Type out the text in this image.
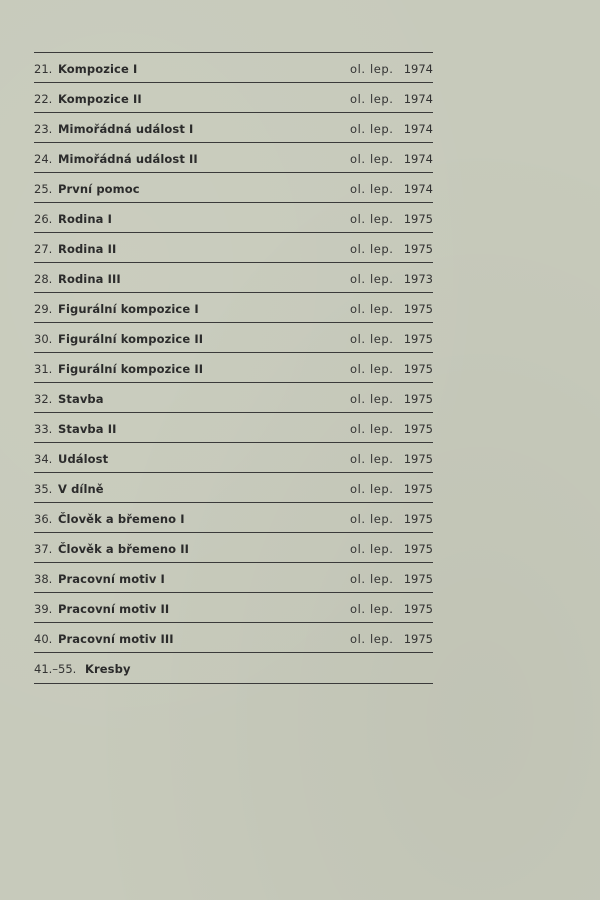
21. Kompozice I	ol. lep. 1974
22. Kompozice II	ol. lep. 1974
23. Mimořádná událost I	ol. lep. 1974
24. Mimořádná událost II	ol. lep. 1974
25. První pomoc	ol. lep. 1974
26. Rodina I	ol. lep. 1975
27. Rodina II	ol. lep. 1975
28. Rodina III	ol. lep. 1973
29. Figurální kompozice I	ol. lep. 1975
30. Figurální kompozice II	ol. lep. 1975
31. Figurální kompozice II	ol. lep. 1975
32. Stavba	ol. lep. 1975
33. Stavba II	ol. lep. 1975
34. Událost	ol. lep. 1975
35. V dílně	ol. lep. 1975
36. Člověk a břemeno I	ol. lep. 1975
37. Člověk a břemeno II	ol. lep. 1975
38. Pracovní motiv I	ol. lep. 1975
39. Pracovní motiv II	ol. lep. 1975
40. Pracovní motiv III	ol. lep. 1975
41.–55. Kresby
